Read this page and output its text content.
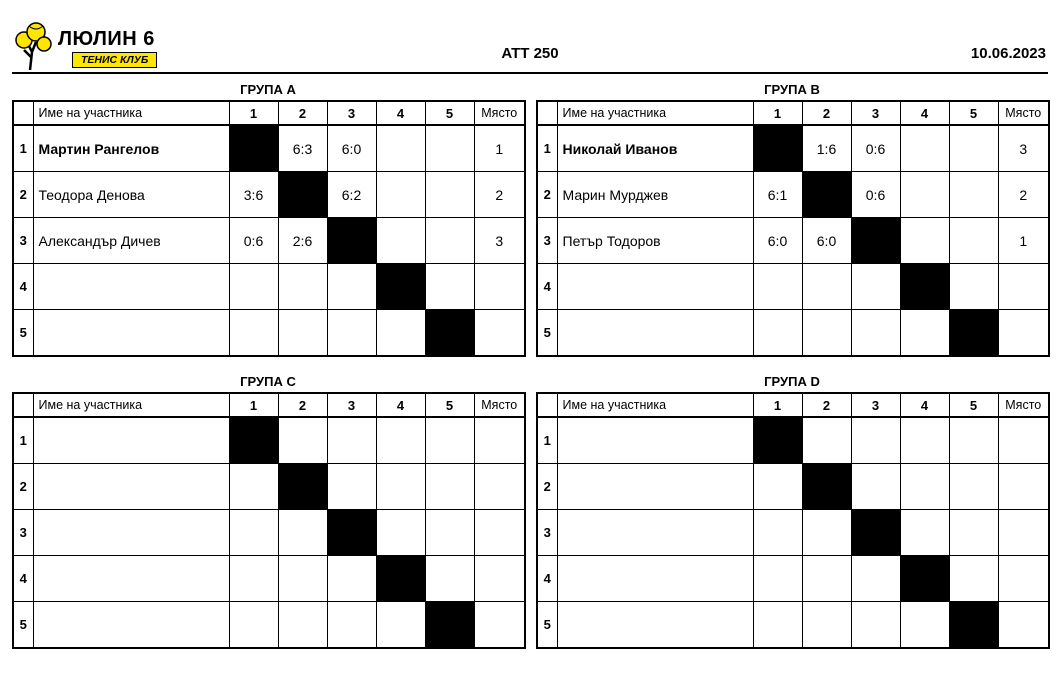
ЛЮЛИН 6
ТЕНИС КЛУБ	ATT 250	10.06.2023
ГРУПА А
	Име на участника	1	2	3	4	5	Място
1	Мартин Рангелов		6:3	6:0			1
2	Теодора Денова	3:6		6:2			2
3	Александър Дичев	0:6	2:6				3
4							
5							
ГРУПА В
	Име на участника	1	2	3	4	5	Място
1	Николай Иванов		1:6	0:6			3
2	Марин Мурджев	6:1		0:6			2
3	Петър Тодоров	6:0	6:0				1
4							
5							
ГРУПА С
	Име на участника	1	2	3	4	5	Място
1							
2							
3							
4							
5							
ГРУПА D
	Име на участника	1	2	3	4	5	Място
1							
2							
3							
4							
5							
